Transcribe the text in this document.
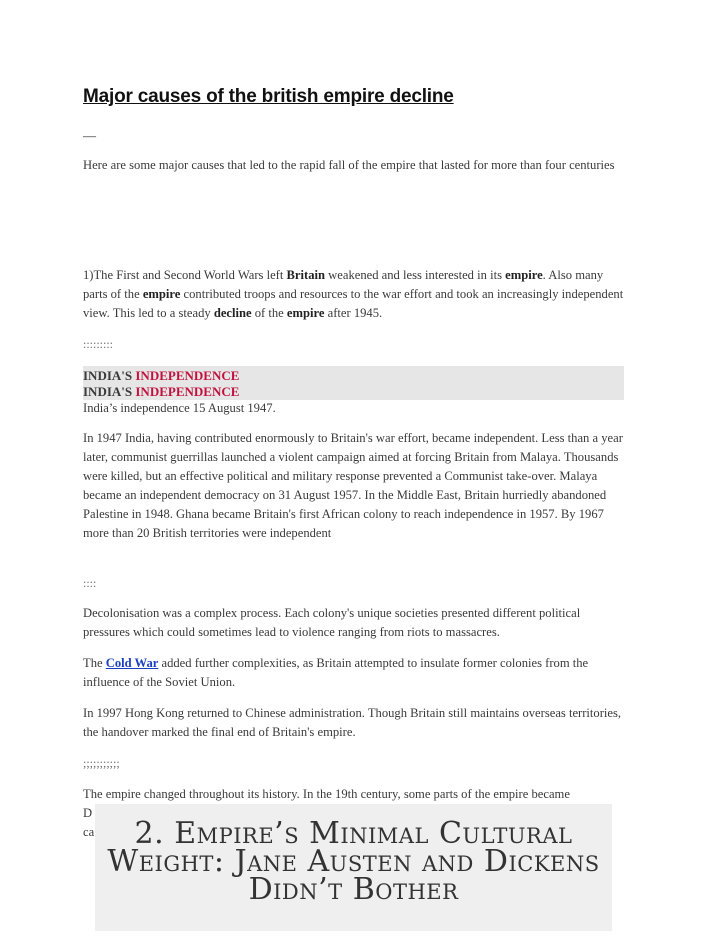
Major causes of the british empire decline
—

Here are some major causes that led to the rapid fall of the empire that lasted for more than four centuries

1)The First and Second World Wars left Britain weakened and less interested in its empire. Also many parts of the empire contributed troops and resources to the war effort and took an increasingly independent view. This led to a steady decline of the empire after 1945.

:::::::::

INDIA'S INDEPENDENCE

INDIA'S INDEPENDENCE

India’s independence 15 August 1947.

In 1947 India, having contributed enormously to Britain's war effort, became independent. Less than a year later, communist guerrillas launched a violent campaign aimed at forcing Britain from Malaya. Thousands were killed, but an effective political and military response prevented a Communist take-over. Malaya became an independent democracy on 31 August 1957. In the Middle East, Britain hurriedly abandoned Palestine in 1948. Ghana became Britain's first African colony to reach independence in 1957. By 1967 more than 20 British territories were independent

::::

Decolonisation was a complex process. Each colony's unique societies presented different political pressures which could sometimes lead to violence ranging from riots to massacres.

The Cold War added further complexities, as Britain attempted to insulate former colonies from the influence of the Soviet Union.

In 1997 Hong Kong returned to Chinese administration. Though Britain still maintains overseas territories, the handover marked the final end of Britain's empire.

;;;;;;;;;;;

The empire changed throughout its history. In the 19th century, some parts of the empire became

D

ca	2. Empire’s Minimal Cultural Weight: Jane Austen and Dickens Didn’t Bother
